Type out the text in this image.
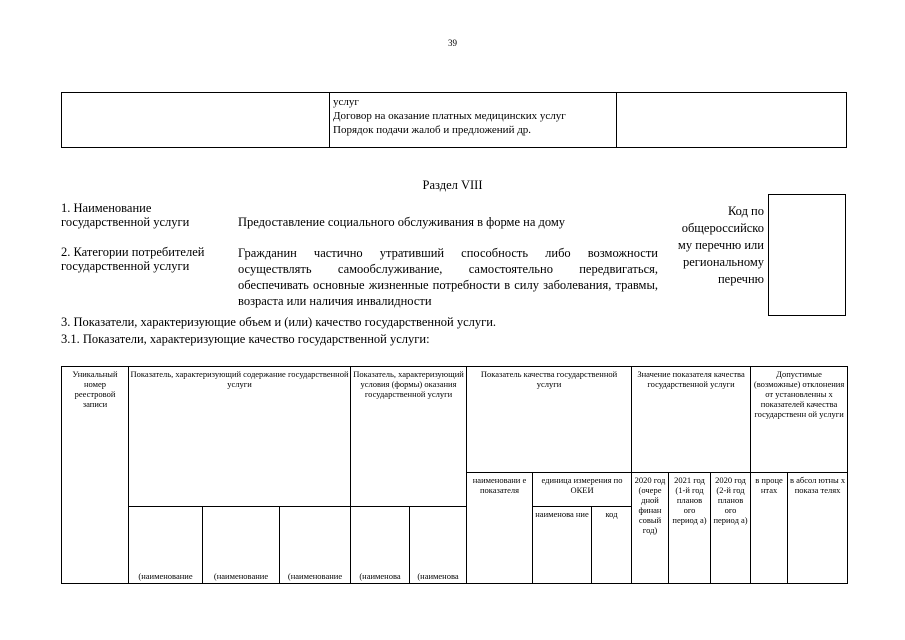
39

услуг
Договор на оказание платных медицинских услуг
Порядок подачи жалоб и предложений др.

Раздел VIII
1. Наименование
государственной услуги	Предоставление социального обслуживания в форме на дому
Код по
общероссийско
му перечню или
региональному
перечню
2. Категории потребителей
государственной услуги
Гражданин частично утративший способность либо возможности осуществлять самообслуживание, самостоятельно передвигаться, обеспечивать основные жизненные потребности в силу заболевания, травмы, возраста или наличия инвалидности
3. Показатели, характеризующие объем и (или) качество государственной услуги.
3.1. Показатели, характеризующие качество государственной услуги:
Уникальный номер реестровой записи	Показатель, характеризующий содержание государственной услуги			Показатель, характеризующий условия (формы) оказания государственной услуги		Показатель качества государственной услуги			Значение показателя качества государственной услуги			Допустимые (возможные) отклонения от установленны х показателей качества государственн ой услуги	
						наименовани е показателя	единица измерения по ОКЕИ		2020 год (очере дной финан совый год)	2021 год (1-й год планов ого период а)	2020 год (2-й год планов ого период а)	в проце нтах	в абсол ютны х показа телях
	(наименование	(наименование	(наименование	(наименова	(наименова		наименова ние	код					
